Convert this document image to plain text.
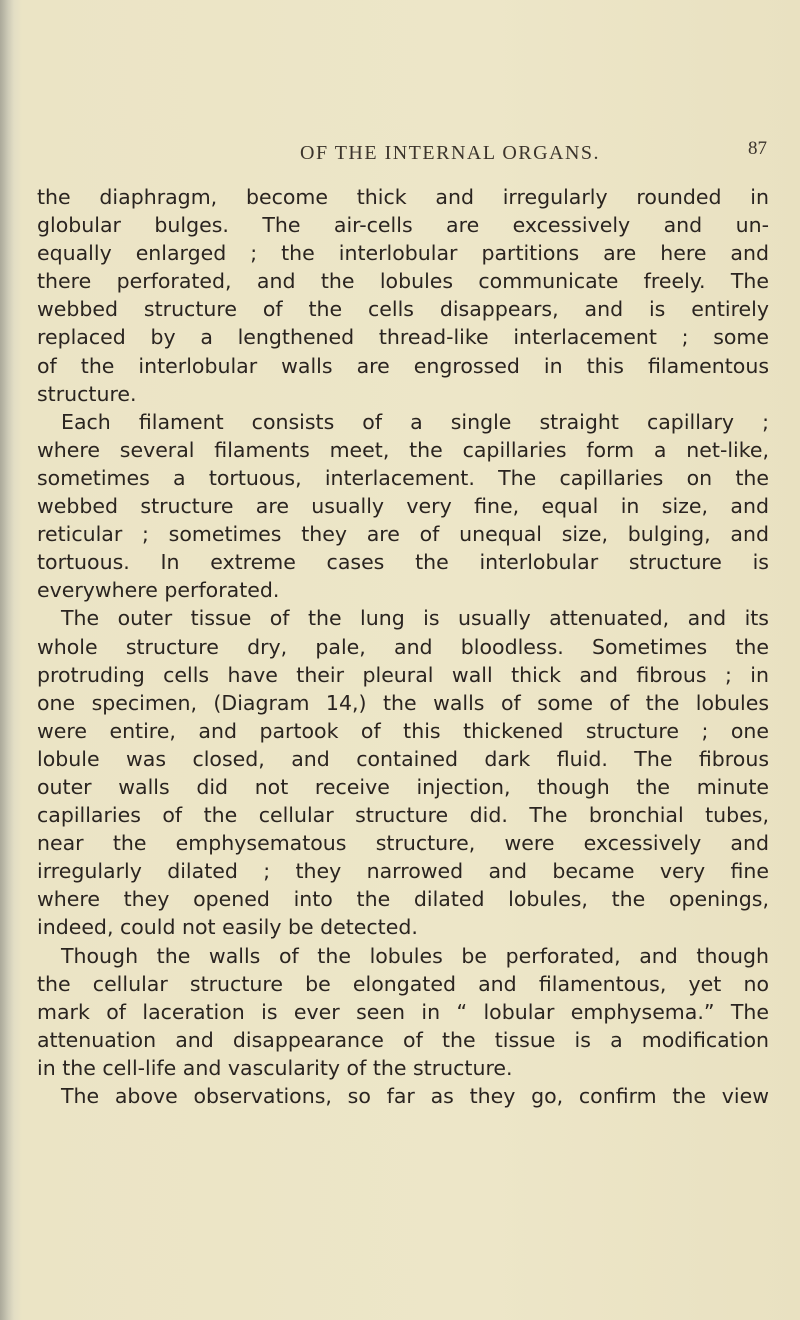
OF THE INTERNAL ORGANS.	87
the diaphragm, become thick and irregularly rounded in
globular bulges. The air-cells are excessively and un-
equally enlarged ; the interlobular partitions are here and
there perforated, and the lobules communicate freely. The
webbed structure of the cells disappears, and is entirely
replaced by a lengthened thread-like interlacement ; some
of the interlobular walls are engrossed in this filamentous
structure.
Each filament consists of a single straight capillary ;
where several filaments meet, the capillaries form a net-like,
sometimes a tortuous, interlacement. The capillaries on the
webbed structure are usually very fine, equal in size, and
reticular ; sometimes they are of unequal size, bulging, and
tortuous. In extreme cases the interlobular structure is
everywhere perforated.
The outer tissue of the lung is usually attenuated, and its
whole structure dry, pale, and bloodless. Sometimes the
protruding cells have their pleural wall thick and fibrous ; in
one specimen, (Diagram 14,) the walls of some of the lobules
were entire, and partook of this thickened structure ; one
lobule was closed, and contained dark fluid. The fibrous
outer walls did not receive injection, though the minute
capillaries of the cellular structure did. The bronchial tubes,
near the emphysematous structure, were excessively and
irregularly dilated ; they narrowed and became very fine
where they opened into the dilated lobules, the openings,
indeed, could not easily be detected.
Though the walls of the lobules be perforated, and though
the cellular structure be elongated and filamentous, yet no
mark of laceration is ever seen in “ lobular emphysema.” The
attenuation and disappearance of the tissue is a modification
in the cell-life and vascularity of the structure.
The above observations, so far as they go, confirm the view
